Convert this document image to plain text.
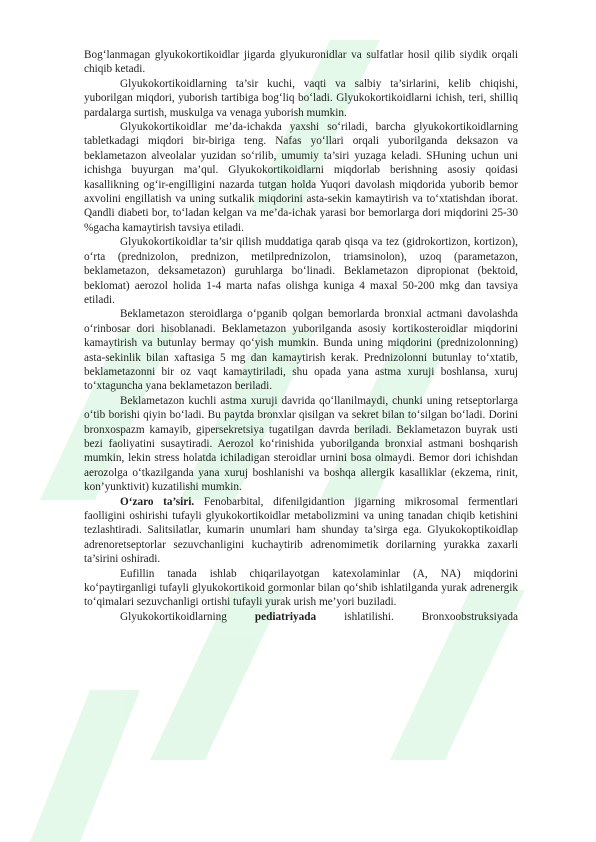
Bog‘lanmagan glyukokortikoidlar jigarda glyukuronidlar va sulfatlar hosil qilib siydik orqali chiqib ketadi.

Glyukokortikoidlarning ta’sir kuchi, vaqti va salbiy ta’sirlarini, kelib chiqishi, yuborilgan miqdori, yuborish tartibiga bog‘liq bo‘ladi. Glyukokortikoidlarni ichish, teri, shilliq pardalarga surtish, muskulga va venaga yuborish mumkin.

Glyukokortikoidlar me’da-ichakda yaxshi so‘riladi, barcha glyukokortikoidlarning tabletkadagi miqdori bir-biriga teng. Nafas yo‘llari orqali yuborilganda deksazon va beklametazon alveolalar yuzidan so‘rilib, umumiy ta’siri yuzaga keladi. SHuning uchun uni ichishga buyurgan ma’qul. Glyukokortikoidlarni miqdorlab berishning asosiy qoidasi kasallikning og‘ir-engilligini nazarda tutgan holda Yuqori davolash miqdorida yuborib bemor axvolini engillatish va uning sutkalik miqdorini asta-sekin kamaytirish va to‘xtatishdan iborat. Qandli diabeti bor, to‘ladan kelgan va me’da-ichak yarasi bor bemorlarga dori miqdorini 25-30 %gacha kamaytirish tavsiya etiladi.

Glyukokortikoidlar ta’sir qilish muddatiga qarab qisqa va tez (gidrokortizon, kortizon), o‘rta (prednizolon, prednizon, metilprednizolon, triamsinolon), uzoq (parametazon, beklametazon, deksametazon) guruhlarga bo‘linadi. Beklametazon dipropionat (bektoid, beklomat) aerozol holida 1-4 marta nafas olishga kuniga 4 maxal 50-200 mkg dan tavsiya etiladi.

Beklametazon steroidlarga o‘pganib qolgan bemorlarda bronxial actmani davolashda o‘rinbosar dori hisoblanadi. Beklametazon yuborilganda asosiy kortikosteroidlar miqdorini kamaytirish va butunlay bermay qo‘yish mumkin. Bunda uning miqdorini (prednizolonning) asta-sekinlik bilan xaftasiga 5 mg dan kamaytirish kerak. Prednizolonni butunlay to‘xtatib, beklametazonni bir oz vaqt kamaytiriladi, shu opada yana astma xuruji boshlansa, xuruj to‘xtaguncha yana beklametazon beriladi.

Beklametazon kuchli astma xuruji davrida qo‘llanilmaydi, chunki uning retseptorlarga o‘tib borishi qiyin bo‘ladi. Bu paytda bronxlar qisilgan va sekret bilan to‘silgan bo‘ladi. Dorini bronxospazm kamayib, gipersekretsiya tugatilgan davrda beriladi. Beklametazon buyrak usti bezi faoliyatini susaytiradi. Aerozol ko‘rinishida yuborilganda bronxial astmani boshqarish mumkin, lekin stress holatda ichiladigan steroidlar urnini bosa olmaydi. Bemor dori ichishdan aerozolga o‘tkazilganda yana xuruj boshlanishi va boshqa allergik kasalliklar (ekzema, rinit, kon’yunktivit) kuzatilishi mumkin.

O‘zaro ta’siri. Fenobarbital, difenilgidantion jigarning mikrosomal fermentlari faolligini oshirishi tufayli glyukokortikoidlar metabolizmini va uning tanadan chiqib ketishini tezlashtiradi. Salitsilatlar, kumarin unumlari ham shunday ta’sirga ega. Glyukokoptikoidlap adrenoretseptorlar sezuvchanligini kuchaytirib adrenomimetik dorilarning yurakka zaxarli ta’sirini oshiradi.

Eufillin tanada ishlab chiqarilayotgan katexolaminlar (A, NA) miqdorini ko‘paytirganligi tufayli glyukokortikoid gormonlar bilan qo‘shib ishlatilganda yurak adrenergik to‘qimalari sezuvchanligi ortishi tufayli yurak urish me’yori buziladi.

Glyukokortikoidlarning pediatriyada ishlatilishi. Bronxoobstruksiyada
